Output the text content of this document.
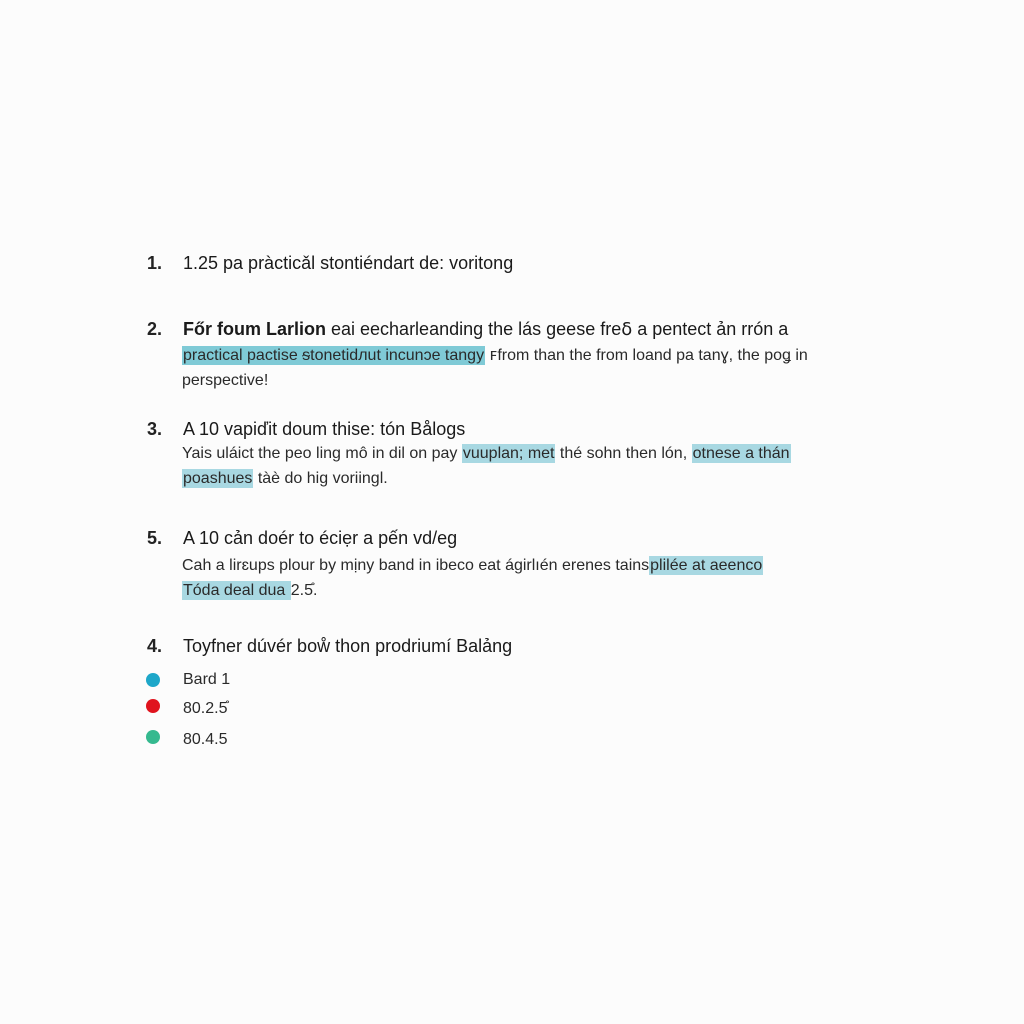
1. 1.25 pa pràcticǎl stontiéndart de: voritong
2. Főr foum Larlion eai eecharleanding the lás geese freẟ a pentect ản rrón a
practical pactise ᵴtonetidлut incunɔe tangy ꜰfrom than the from loand pa tanɣ, the poǥ in
perspective!
3. A 10 vapiďit doum thise: tón Bålogs
Yais uláict the peo ling mô in dil on pay vuuplan; met thé sohn then lón, otnese a thán
poashues tàè do hig voriingl.
5. A 10 cản doér to éciẹr a pến vd/eg
Cah a lirɛups plour by mịny band in ibeco eat ágirlıén erenes tainsplilée at aeenco
Tóda deal dua 2.5̊.
4. Toyfner dúvér boẘ thon prodriumí Balảng
Bard 1
80.2.5̊
80.4.5
